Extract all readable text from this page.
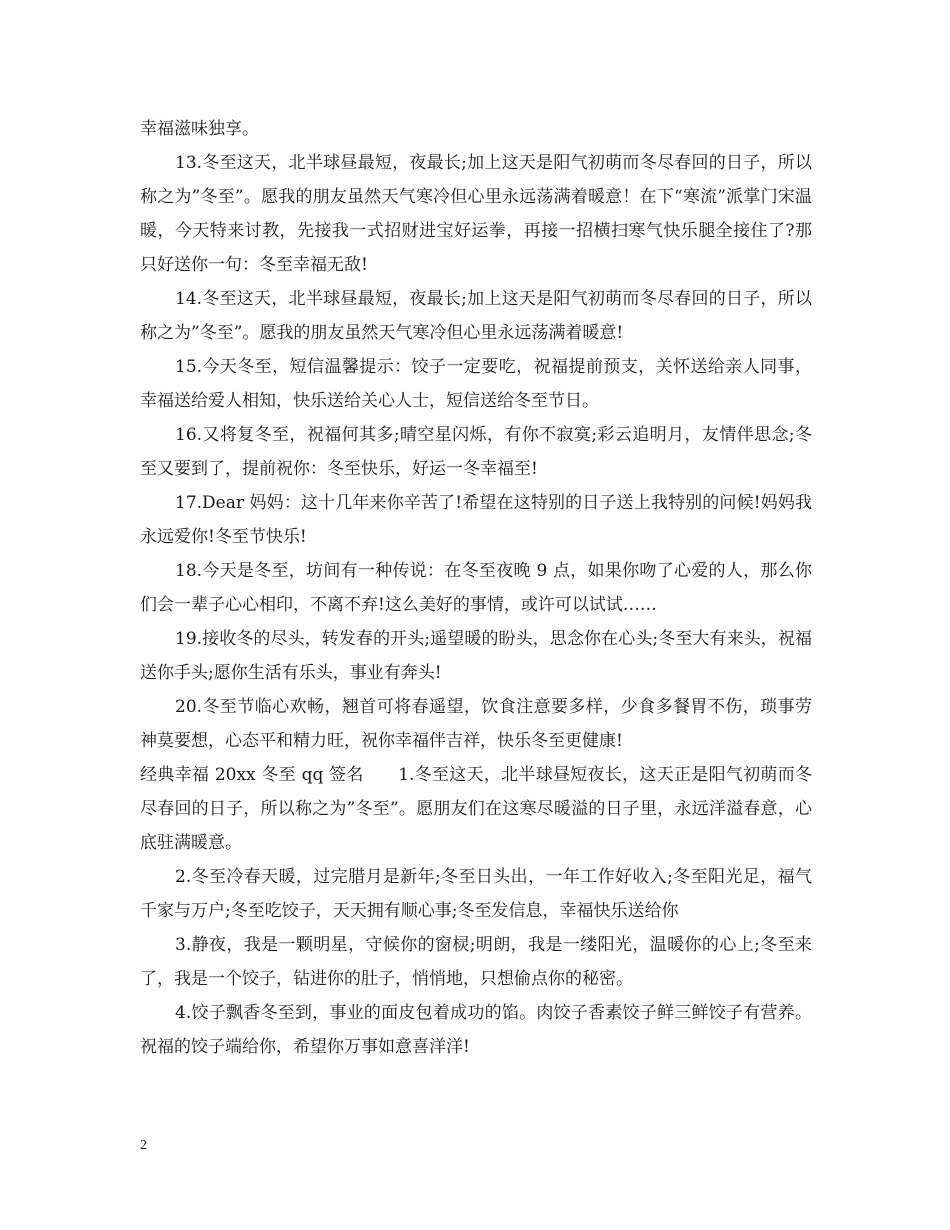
幸福滋味独享。

13.冬至这天，北半球昼最短，夜最长;加上这天是阳气初萌而冬尽春回的日子，所以称之为”冬至”。愿我的朋友虽然天气寒冷但心里永远荡满着暖意！在下“寒流”派掌门宋温暖，今天特来讨教，先接我一式招财进宝好运拳，再接一招横扫寒气快乐腿全接住了?那只好送你一句：冬至幸福无敌!

14.冬至这天，北半球昼最短，夜最长;加上这天是阳气初萌而冬尽春回的日子，所以称之为”冬至”。愿我的朋友虽然天气寒冷但心里永远荡满着暖意!

15.今天冬至，短信温馨提示：饺子一定要吃，祝福提前预支，关怀送给亲人同事，幸福送给爱人相知，快乐送给关心人士，短信送给冬至节日。

16.又将复冬至，祝福何其多;晴空星闪烁，有你不寂寞;彩云追明月，友情伴思念;冬至又要到了，提前祝你：冬至快乐，好运一冬幸福至!

17.Dear 妈妈：这十几年来你辛苦了!希望在这特别的日子送上我特别的问候!妈妈我永远爱你!冬至节快乐!

18.今天是冬至，坊间有一种传说：在冬至夜晚 9 点，如果你吻了心爱的人，那么你们会一辈子心心相印，不离不弃!这么美好的事情，或许可以试试……

19.接收冬的尽头，转发春的开头;遥望暖的盼头，思念你在心头;冬至大有来头，祝福送你手头;愿你生活有乐头，事业有奔头!

20.冬至节临心欢畅，翘首可将春遥望，饮食注意要多样，少食多餐胃不伤，琐事劳神莫要想，心态平和精力旺，祝你幸福伴吉祥，快乐冬至更健康!

经典幸福 20xx 冬至 qq 签名　　1.冬至这天，北半球昼短夜长，这天正是阳气初萌而冬尽春回的日子，所以称之为”冬至”。愿朋友们在这寒尽暖溢的日子里，永远洋溢春意，心底驻满暖意。

2.冬至冷春天暖，过完腊月是新年;冬至日头出，一年工作好收入;冬至阳光足，福气千家与万户;冬至吃饺子，天天拥有顺心事;冬至发信息，幸福快乐送给你

3.静夜，我是一颗明星，守候你的窗棂;明朗，我是一缕阳光，温暖你的心上;冬至来了，我是一个饺子，钻进你的肚子，悄悄地，只想偷点你的秘密。

4.饺子飘香冬至到，事业的面皮包着成功的馅。肉饺子香素饺子鲜三鲜饺子有营养。祝福的饺子端给你，希望你万事如意喜洋洋!

2
